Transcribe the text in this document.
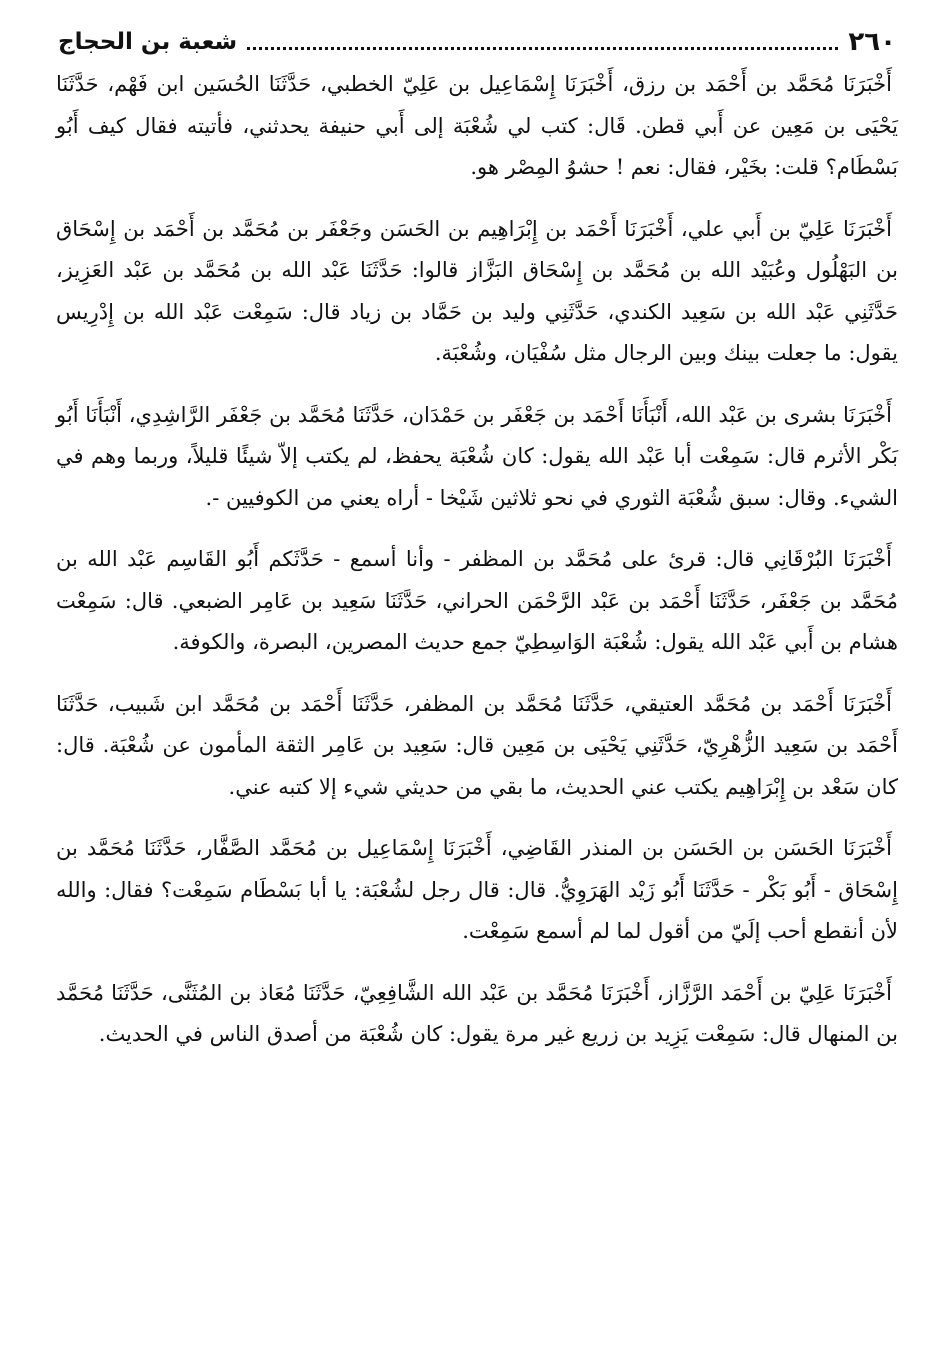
٢٦٠
شعبة بن الحجاج

أَخْبَرَنَا مُحَمَّد بن أَحْمَد بن رزق، أَخْبَرَنَا إِسْمَاعِيل بن عَلِيّ الخطبي، حَدَّثَنَا الحُسَين ابن فَهْم، حَدَّثَنَا يَحْيَى بن مَعِين عن أَبي قطن. قَال: كتب لي شُعْبَة إلى أَبي حنيفة يحدثني، فأتيته فقال كيف أَبُو بَسْطَام؟ قلت: بخَيْر، فقال: نعم ! حشوُ المِصْر هو.

أَخْبَرَنَا عَلِيّ بن أَبي علي، أَخْبَرَنَا أَحْمَد بن إِبْرَاهِيم بن الحَسَن وجَعْفَر بن مُحَمَّد بن أَحْمَد بن إِسْحَاق بن البَهْلُول وعُبَيْد الله بن مُحَمَّد بن إِسْحَاق البَزَّاز قالوا: حَدَّثَنَا عَبْد الله بن مُحَمَّد بن عَبْد العَزِيز، حَدَّثَنِي عَبْد الله بن سَعِيد الكندي، حَدَّثَنِي وليد بن حَمَّاد بن زياد قال: سَمِعْت عَبْد الله بن إِدْرِيس يقول: ما جعلت بينك وبين الرجال مثل سُفْيَان، وشُعْبَة.

أَخْبَرَنَا بشرى بن عَبْد الله، أَنْبَأَنَا أَحْمَد بن جَعْفَر بن حَمْدَان، حَدَّثَنَا مُحَمَّد بن جَعْفَر الرَّاشِدِي، أَنْبَأَنَا أَبُو بَكْر الأثرم قال: سَمِعْت أبا عَبْد الله يقول: كان شُعْبَة يحفظ، لم يكتب إلاّ شيئًا قليلاً، وربما وهم في الشيء. وقال: سبق شُعْبَة الثوري في نحو ثلاثين شَيْخا - أراه يعني من الكوفيين -.

أَخْبَرَنَا البُرْقَانِي قال: قرئ على مُحَمَّد بن المظفر - وأنا أسمع - حَدَّثَكم أَبُو القَاسِم عَبْد الله بن مُحَمَّد بن جَعْفَر، حَدَّثَنَا أَحْمَد بن عَبْد الرَّحْمَن الحراني، حَدَّثَنَا سَعِيد بن عَامِر الضبعي. قال: سَمِعْت هشام بن أَبي عَبْد الله يقول: شُعْبَة الوَاسِطِيّ جمع حديث المصرين، البصرة، والكوفة.

أَخْبَرَنَا أَحْمَد بن مُحَمَّد العتيقي، حَدَّثَنَا مُحَمَّد بن المظفر، حَدَّثَنَا أَحْمَد بن مُحَمَّد ابن شَبيب، حَدَّثَنَا أَحْمَد بن سَعِيد الزُّهْرِيّ، حَدَّثَنِي يَحْيَى بن مَعِين قال: سَعِيد بن عَامِر الثقة المأمون عن شُعْبَة. قال: كان سَعْد بن إِبْرَاهِيم يكتب عني الحديث، ما بقي من حديثي شيء إلا كتبه عني.

أَخْبَرَنَا الحَسَن بن الحَسَن بن المنذر القَاضِي، أَخْبَرَنَا إِسْمَاعِيل بن مُحَمَّد الصَّفَّار، حَدَّثَنَا مُحَمَّد بن إِسْحَاق - أَبُو بَكْر - حَدَّثَنَا أَبُو زَيْد الهَرَوِيُّ. قال: قال رجل لشُعْبَة: يا أبا بَسْطَام سَمِعْت؟ فقال: والله لأن أنقطع أحب إلَيّ من أقول لما لم أسمع سَمِعْت.

أَخْبَرَنَا عَلِيّ بن أَحْمَد الرَّزَّاز، أَخْبَرَنَا مُحَمَّد بن عَبْد الله الشَّافِعِيّ، حَدَّثَنَا مُعَاذ بن المُثَنَّى، حَدَّثَنَا مُحَمَّد بن المنهال قال: سَمِعْت يَزِيد بن زريع غير مرة يقول: كان شُعْبَة من أصدق الناس في الحديث.
